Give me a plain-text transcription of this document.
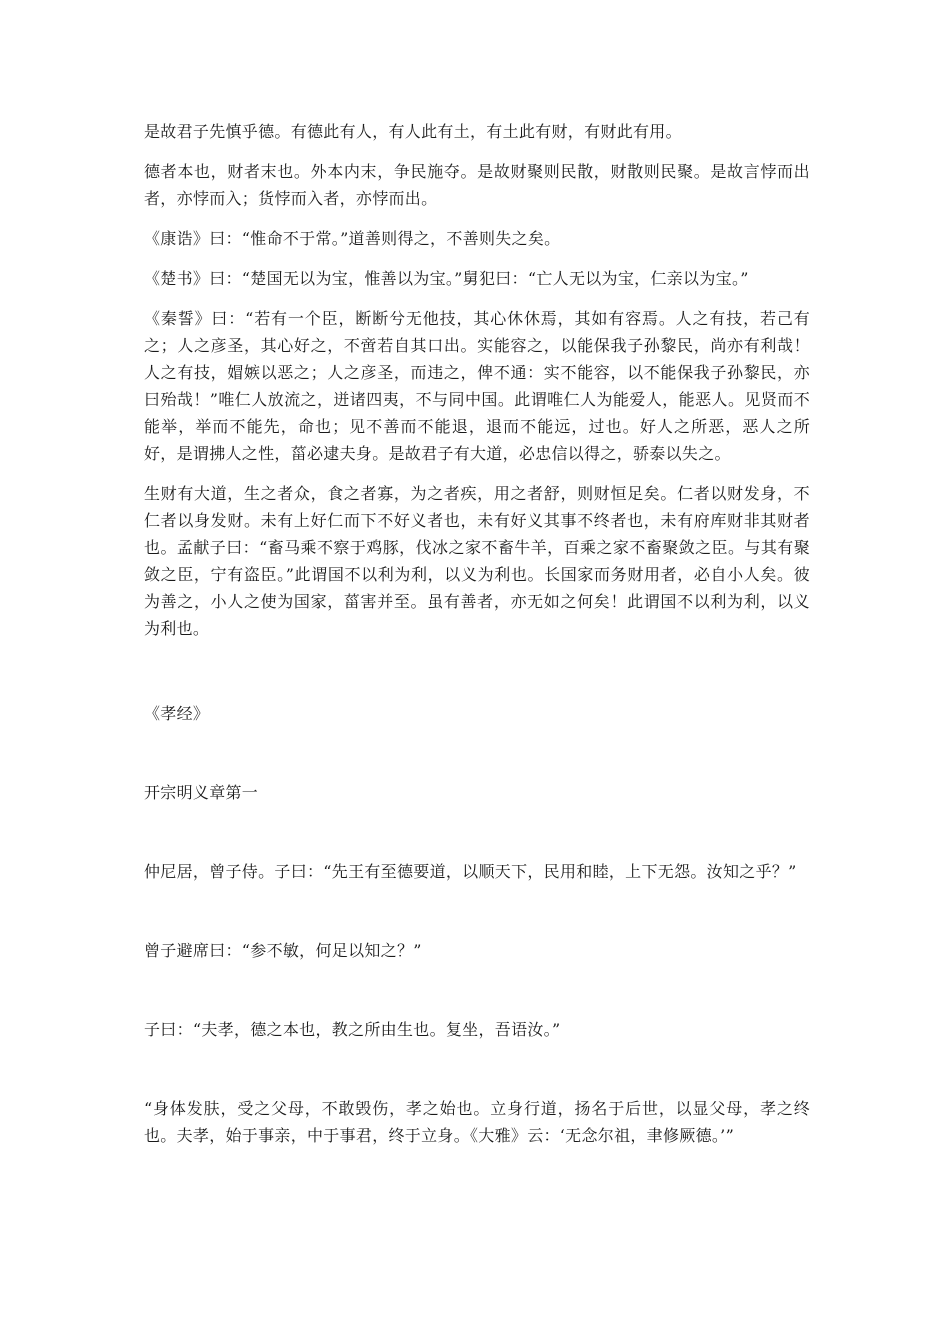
是故君子先慎乎德。有德此有人，有人此有土，有土此有财，有财此有用。

德者本也，财者末也。外本内末，争民施夺。是故财聚则民散，财散则民聚。是故言悖而出者，亦悖而入；货悖而入者，亦悖而出。

《康诰》曰：“惟命不于常。”道善则得之，不善则失之矣。

《楚书》曰：“楚国无以为宝，惟善以为宝。”舅犯曰：“亡人无以为宝，仁亲以为宝。”

《秦誓》曰：“若有一个臣，断断兮无他技，其心休休焉，其如有容焉。人之有技，若己有之；人之彦圣，其心好之，不啻若自其口出。实能容之，以能保我子孙黎民，尚亦有利哉！人之有技，媢嫉以恶之；人之彦圣，而违之，俾不通：实不能容，以不能保我子孙黎民，亦曰殆哉！”唯仁人放流之，迸诸四夷，不与同中国。此谓唯仁人为能爱人，能恶人。见贤而不能举，举而不能先，命也；见不善而不能退，退而不能远，过也。好人之所恶，恶人之所好，是谓拂人之性，菑必逮夫身。是故君子有大道，必忠信以得之，骄泰以失之。

生财有大道，生之者众，食之者寡，为之者疾，用之者舒，则财恒足矣。仁者以财发身，不仁者以身发财。未有上好仁而下不好义者也，未有好义其事不终者也，未有府库财非其财者也。孟献子曰：“畜马乘不察于鸡豚，伐冰之家不畜牛羊，百乘之家不畜聚敛之臣。与其有聚敛之臣，宁有盗臣。”此谓国不以利为利，以义为利也。长国家而务财用者，必自小人矣。彼为善之，小人之使为国家，菑害并至。虽有善者，亦无如之何矣！此谓国不以利为利，以义为利也。

《孝经》

开宗明义章第一

仲尼居，曾子侍。子曰：“先王有至德要道，以顺天下，民用和睦，上下无怨。汝知之乎？”

曾子避席曰：“参不敏，何足以知之？”

子曰：“夫孝，德之本也，教之所由生也。复坐，吾语汝。”

“身体发肤，受之父母，不敢毁伤，孝之始也。立身行道，扬名于后世，以显父母，孝之终也。夫孝，始于事亲，中于事君，终于立身。《大雅》云：‘无念尔祖，聿修厥德。’”
